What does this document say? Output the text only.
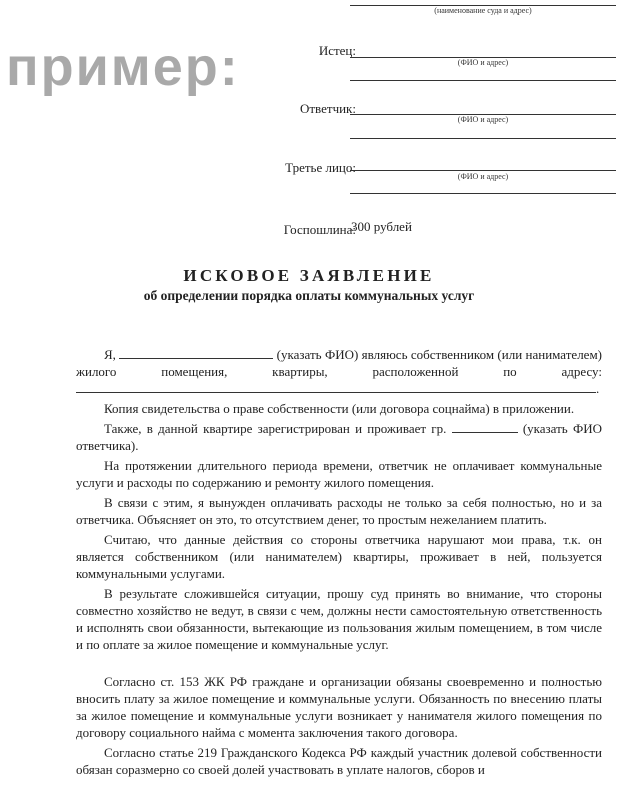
пример:
(наименование суда и адрес)
Истец:
(ФИО и адрес)
Ответчик:
(ФИО и адрес)
Третье лицо:
(ФИО и адрес)
Госпошлина:
300 рублей
ИСКОВОЕ ЗАЯВЛЕНИЕ
об определении порядка оплаты коммунальных услуг

Я,	(указать ФИО) являюсь собственником (или нанимателем) жилого помещения, квартиры, расположенной по адресу: .

Копия свидетельства о праве собственности (или договора соцнайма) в приложении.

Также, в данной квартире зарегистрирован и проживает гр.	(указать ФИО ответчика).

На протяжении длительного периода времени, ответчик не оплачивает коммунальные услуги и расходы по содержанию и ремонту жилого помещения.

В связи с этим, я вынужден оплачивать расходы не только за себя полностью, но и за ответчика. Объясняет он это, то отсутствием денег, то простым нежеланием платить.

Считаю, что данные действия со стороны ответчика нарушают мои права, т.к. он является собственником (или нанимателем) квартиры, проживает в ней, пользуется коммунальными услугами.

В результате сложившейся ситуации, прошу суд принять во внимание, что стороны совместно хозяйство не ведут, в связи с чем, должны нести самостоятельную ответственность и исполнять свои обязанности, вытекающие из пользования жилым помещением, в том числе и по оплате за жилое помещение и коммунальные услуг.

Согласно ст. 153 ЖК РФ граждане и организации обязаны своевременно и полностью вносить плату за жилое помещение и коммунальные услуги. Обязанность по внесению платы за жилое помещение и коммунальные услуги возникает у нанимателя жилого помещения по договору социального найма с момента заключения такого договора.

Согласно статье 219 Гражданского Кодекса РФ каждый участник долевой собственности обязан соразмерно со своей долей участвовать в уплате налогов, сборов и
